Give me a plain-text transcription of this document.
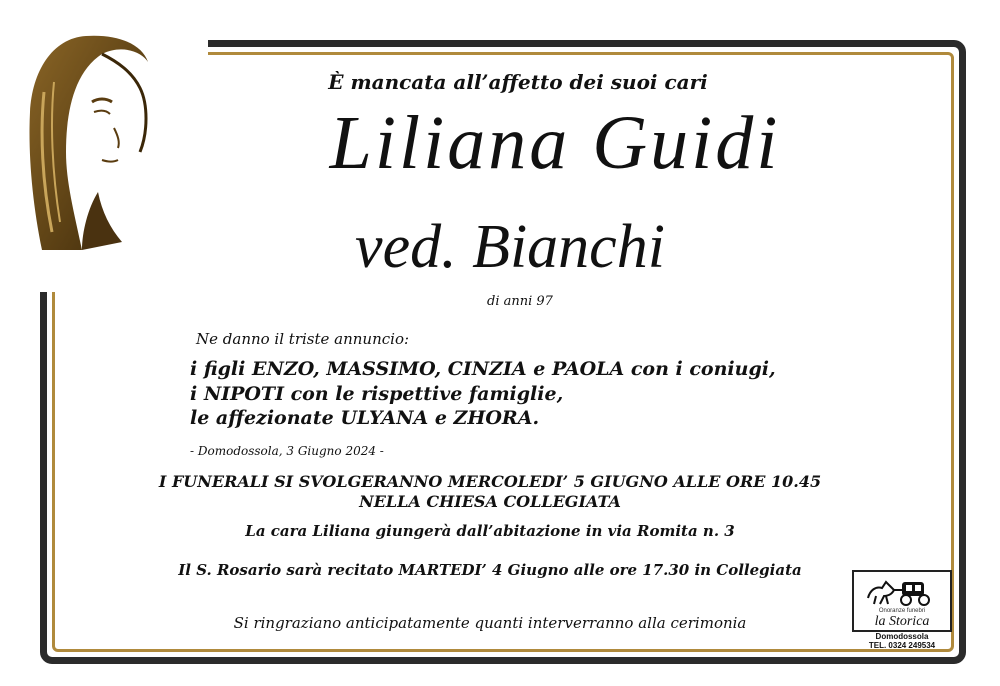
È mancata all’affetto dei suoi cari
Liliana Guidi
ved. Bianchi
di anni 97
Ne danno il triste annuncio:
i figli ENZO, MASSIMO, CINZIA e PAOLA con i coniugi,
i NIPOTI con le rispettive famiglie,
le affezionate ULYANA e ZHORA.
- Domodossola, 3 Giugno 2024 -
I FUNERALI SI SVOLGERANNO MERCOLEDI’ 5 GIUGNO ALLE ORE 10.45
NELLA CHIESA COLLEGIATA
La cara Liliana giungerà dall’abitazione in via Romita n. 3
Il S. Rosario sarà recitato MARTEDI’ 4 Giugno alle ore 17.30 in Collegiata
Si ringraziano anticipatamente quanti interverranno alla cerimonia
Onoranze funebri
la Storica
Domodossola
TEL. 0324 249534
